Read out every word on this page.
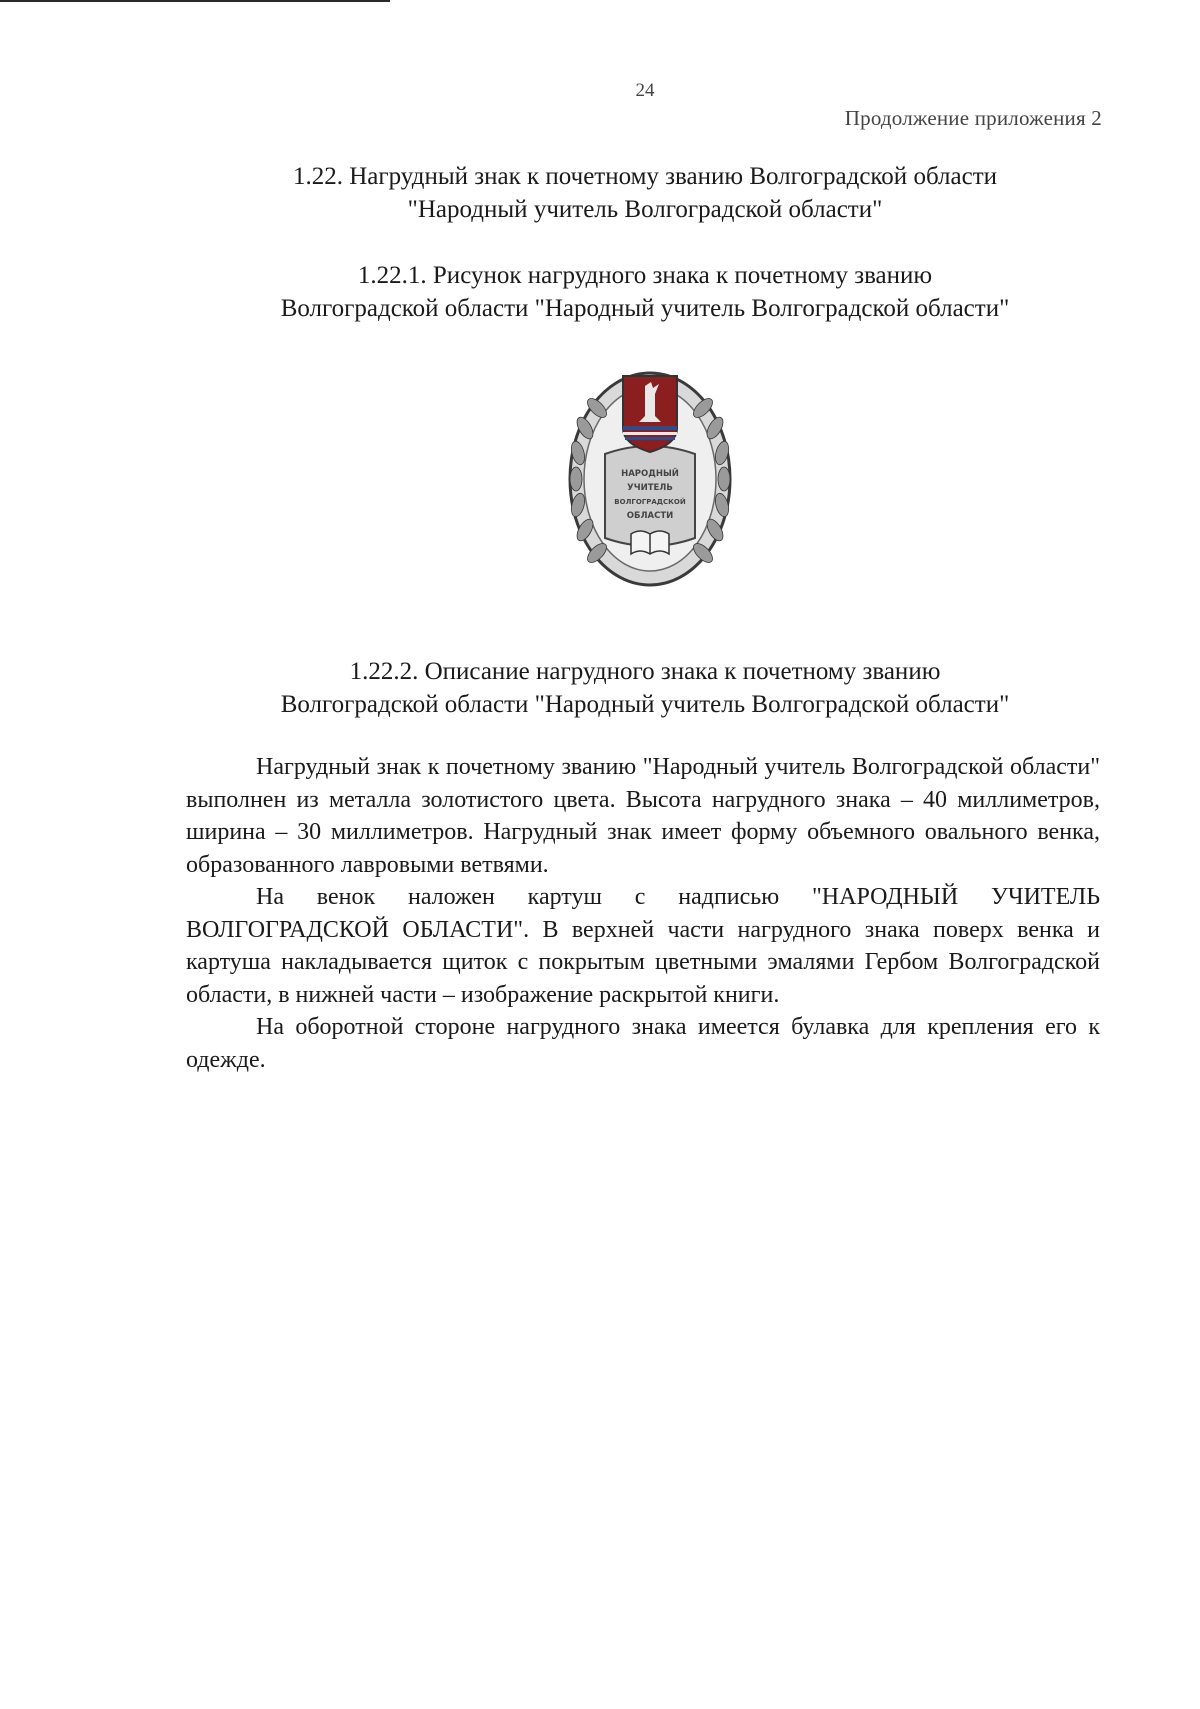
24
Продолжение приложения 2
1.22. Нагрудный знак к почетному званию Волгоградской области
"Народный учитель Волгоградской области"
1.22.1. Рисунок нагрудного знака к почетному званию
Волгоградской области "Народный учитель Волгоградской области"
НАРОДНЫЙ
УЧИТЕЛЬ
ВОЛГОГРАДСКОЙ
ОБЛАСТИ
1.22.2. Описание нагрудного знака к почетному званию
Волгоградской области "Народный учитель Волгоградской области"

Нагрудный знак к почетному званию "Народный учитель Волгоградской области" выполнен из металла золотистого цвета. Высота нагрудного знака – 40 миллиметров, ширина – 30 миллиметров. Нагрудный знак имеет форму объемного овального венка, образованного лавровыми ветвями.

На венок наложен картуш с надписью "НАРОДНЫЙ УЧИТЕЛЬ ВОЛГОГРАДСКОЙ ОБЛАСТИ". В верхней части нагрудного знака поверх венка и картуша накладывается щиток с покрытым цветными эмалями Гербом Волгоградской области, в нижней части – изображение раскрытой книги.

На оборотной стороне нагрудного знака имеется булавка для крепления его к одежде.
